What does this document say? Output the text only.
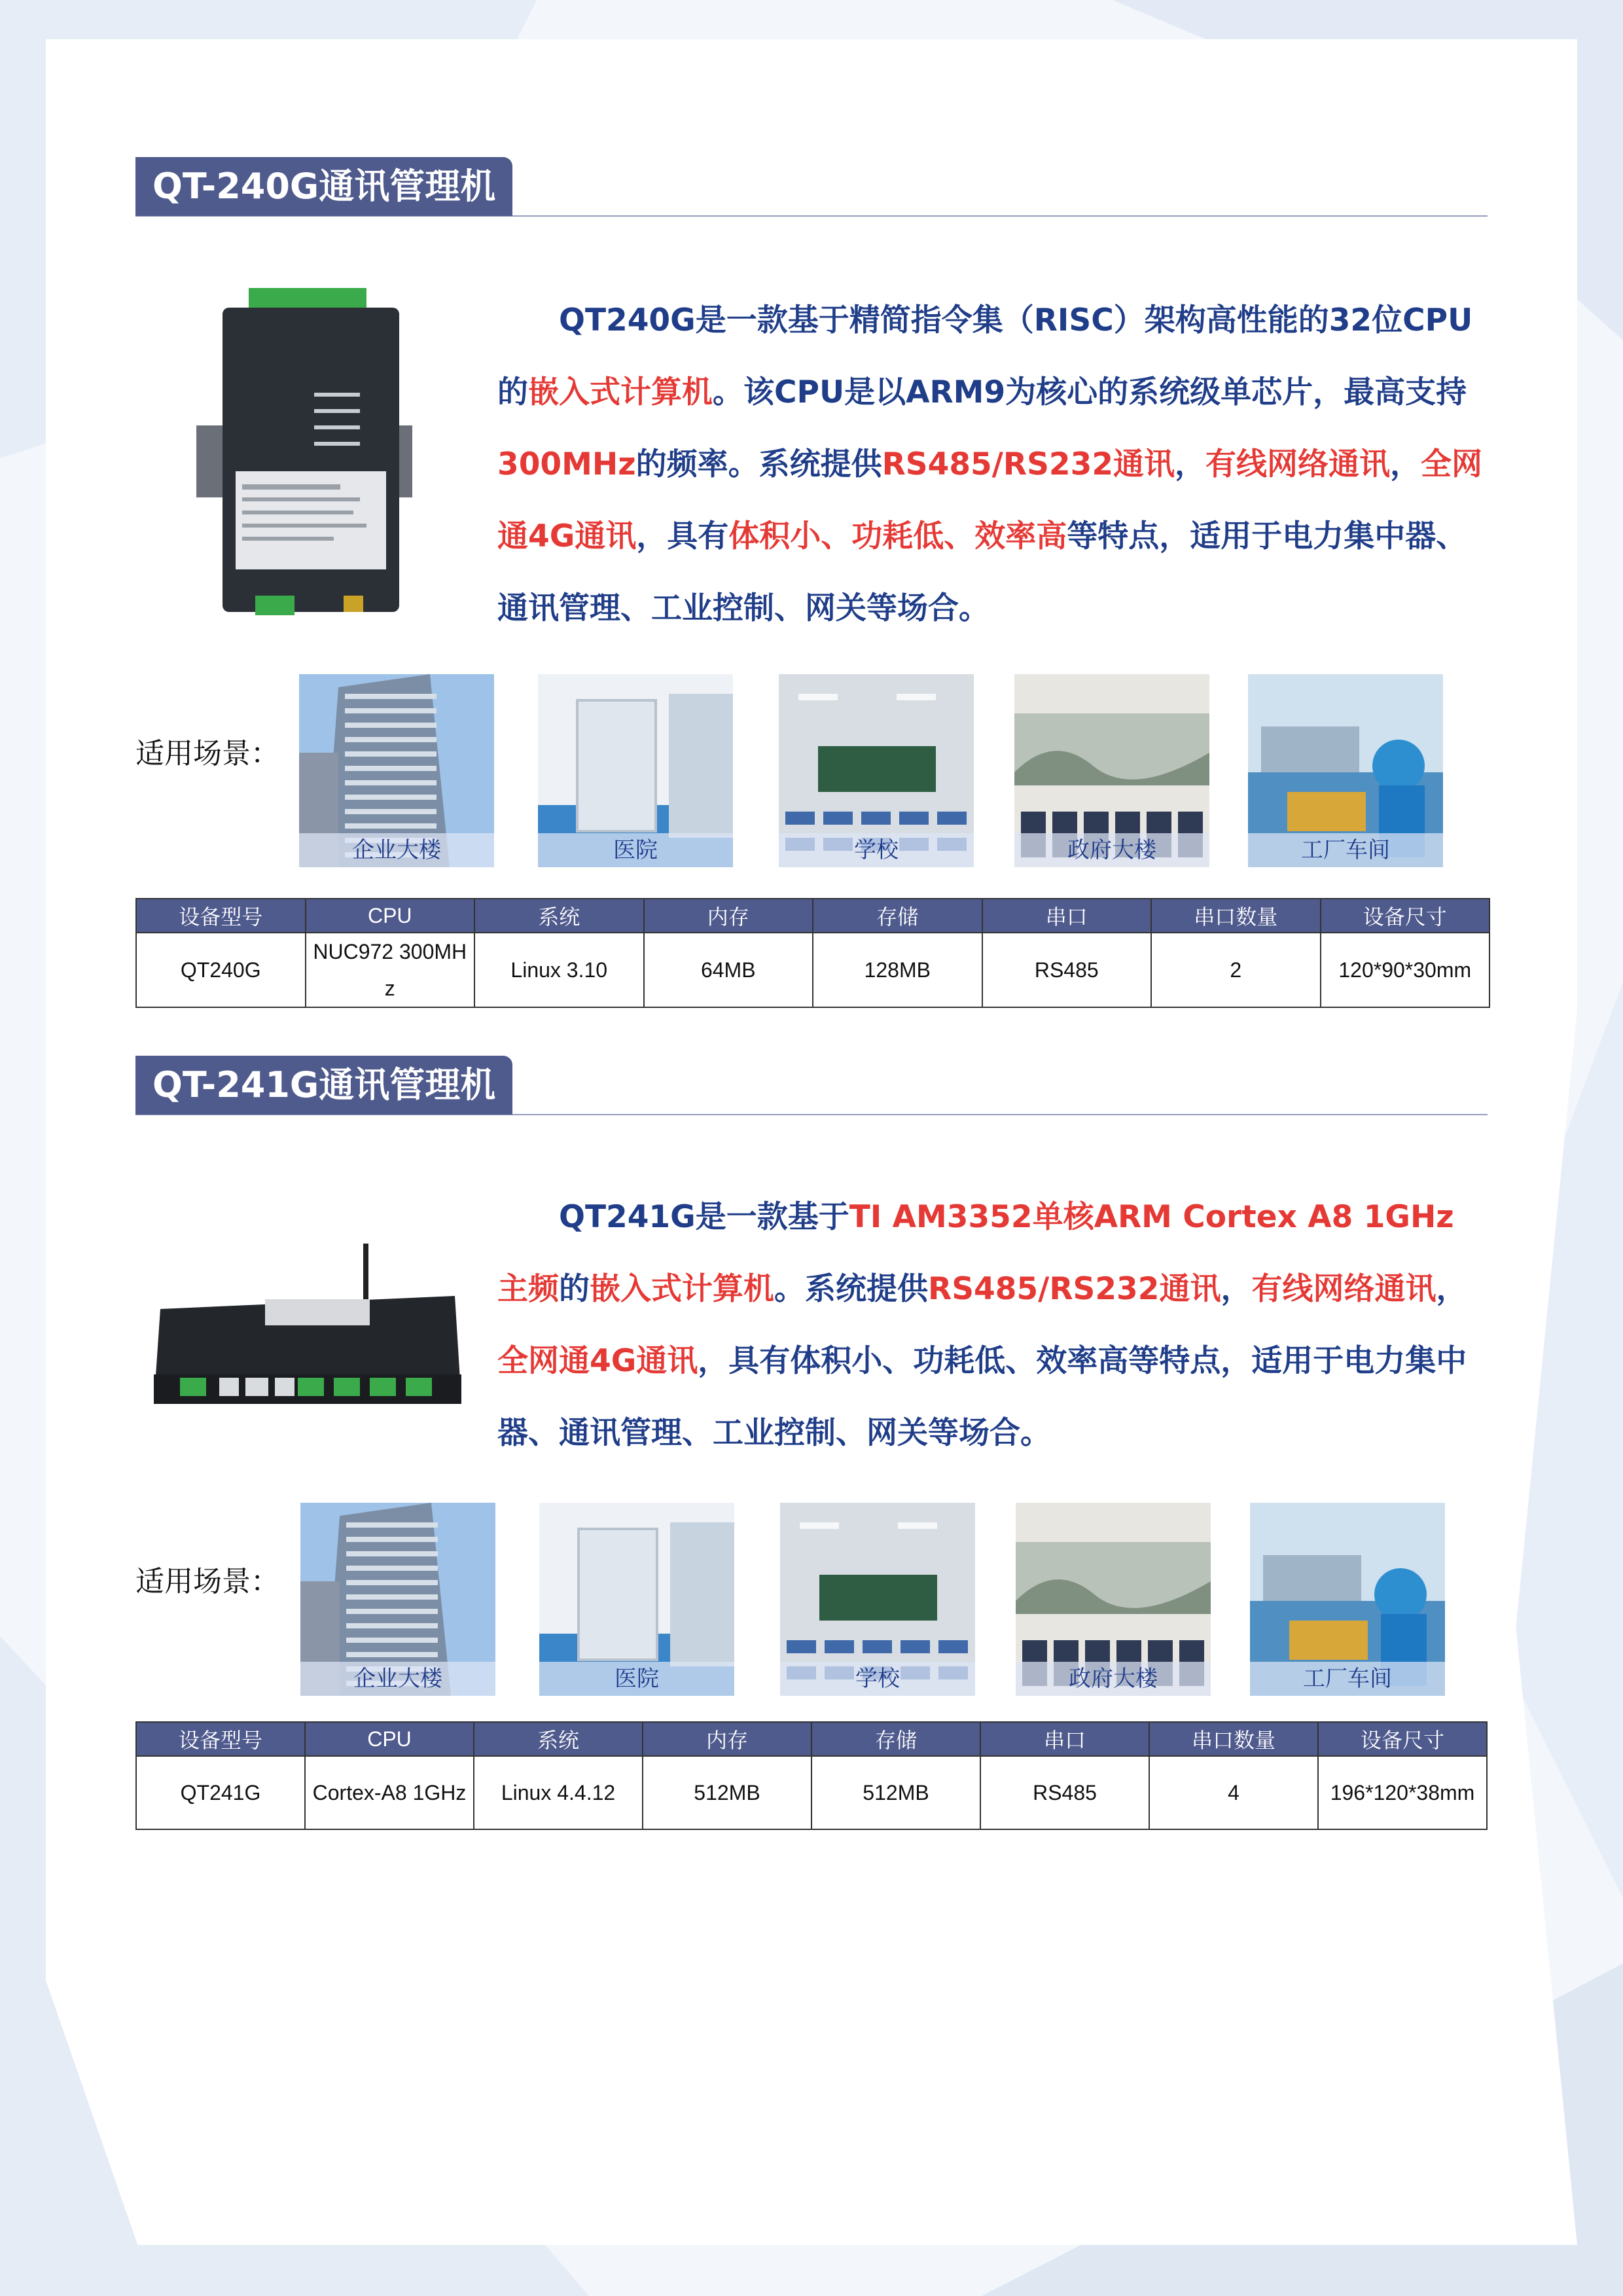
QT-240G通讯管理机
QT240G是一款基于精简指令集（RISC）架构高性能的32位CPU的嵌入式计算机。该CPU是以ARM9为核心的系统级单芯片，最高支持300MHz的频率。系统提供RS485/RS232通讯，有线网络通讯，全网通4G通讯，具有体积小、功耗低、效率高等特点，适用于电力集中器、通讯管理、工业控制、网关等场合。
适用场景：
企业大楼	医院	学校	政府大楼	工厂车间
设备型号	CPU	系统	内存	存储	串口	串口数量	设备尺寸
QT240G	NUC972 300MHz	Linux 3.10	64MB	128MB	RS485	2	120*90*30mm
QT-241G通讯管理机
QT241G是一款基于TI AM3352单核ARM Cortex A8 1GHz 主频的嵌入式计算机。系统提供RS485/RS232通讯，有线网络通讯，全网通4G通讯，具有体积小、功耗低、效率高等特点，适用于电力集中器、通讯管理、工业控制、网关等场合。
适用场景：
企业大楼	医院	学校	政府大楼	工厂车间
设备型号	CPU	系统	内存	存储	串口	串口数量	设备尺寸
QT241G	Cortex-A8 1GHz	Linux 4.4.12	512MB	512MB	RS485	4	196*120*38mm
